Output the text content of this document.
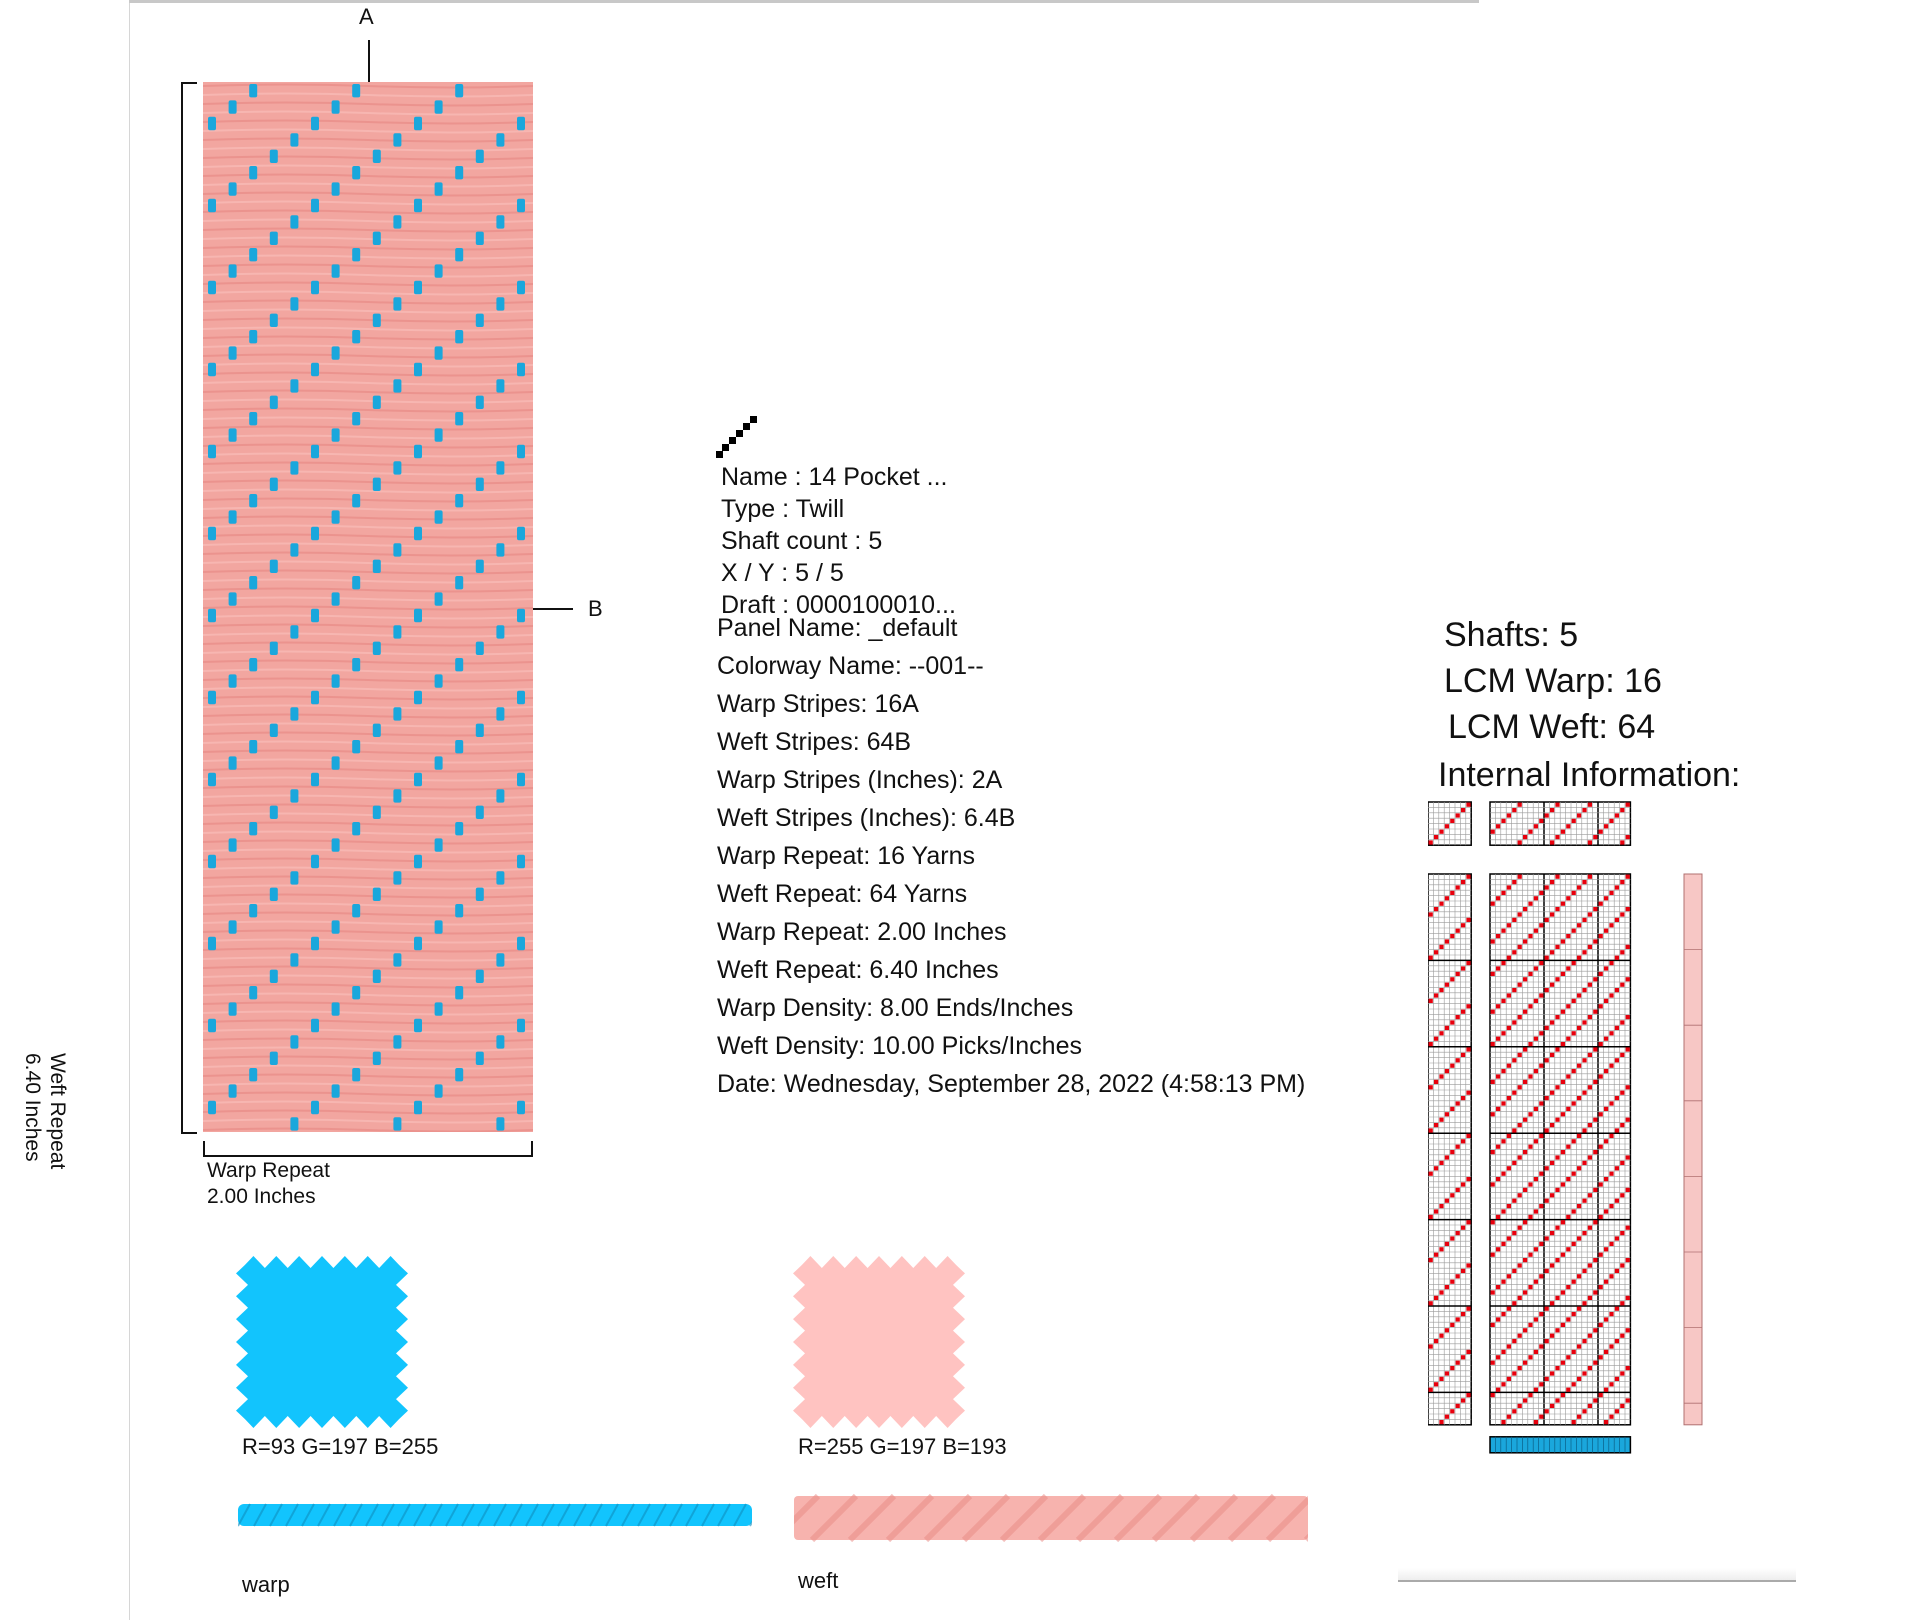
A
B
Weft Repeat
6.40 Inches
Warp Repeat
2.00 Inches
Name : 14 Pocket ...
Type : Twill
Shaft count : 5
X / Y : 5 / 5
Draft : 0000100010...
Panel Name: _default
Colorway Name: --001--
Warp Stripes: 16A
Weft Stripes: 64B
Warp Stripes (Inches): 2A
Weft Stripes (Inches): 6.4B
Warp Repeat: 16 Yarns
Weft Repeat: 64 Yarns
Warp Repeat: 2.00 Inches
Weft Repeat: 6.40 Inches
Warp Density: 8.00 Ends/Inches
Weft Density: 10.00 Picks/Inches
Date: Wednesday, September 28, 2022 (4:58:13 PM)
R=93 G=197 B=255	R=255 G=197 B=193
warp	weft
Shafts: 5
LCM Warp: 16
LCM Weft: 64
Internal Information:
